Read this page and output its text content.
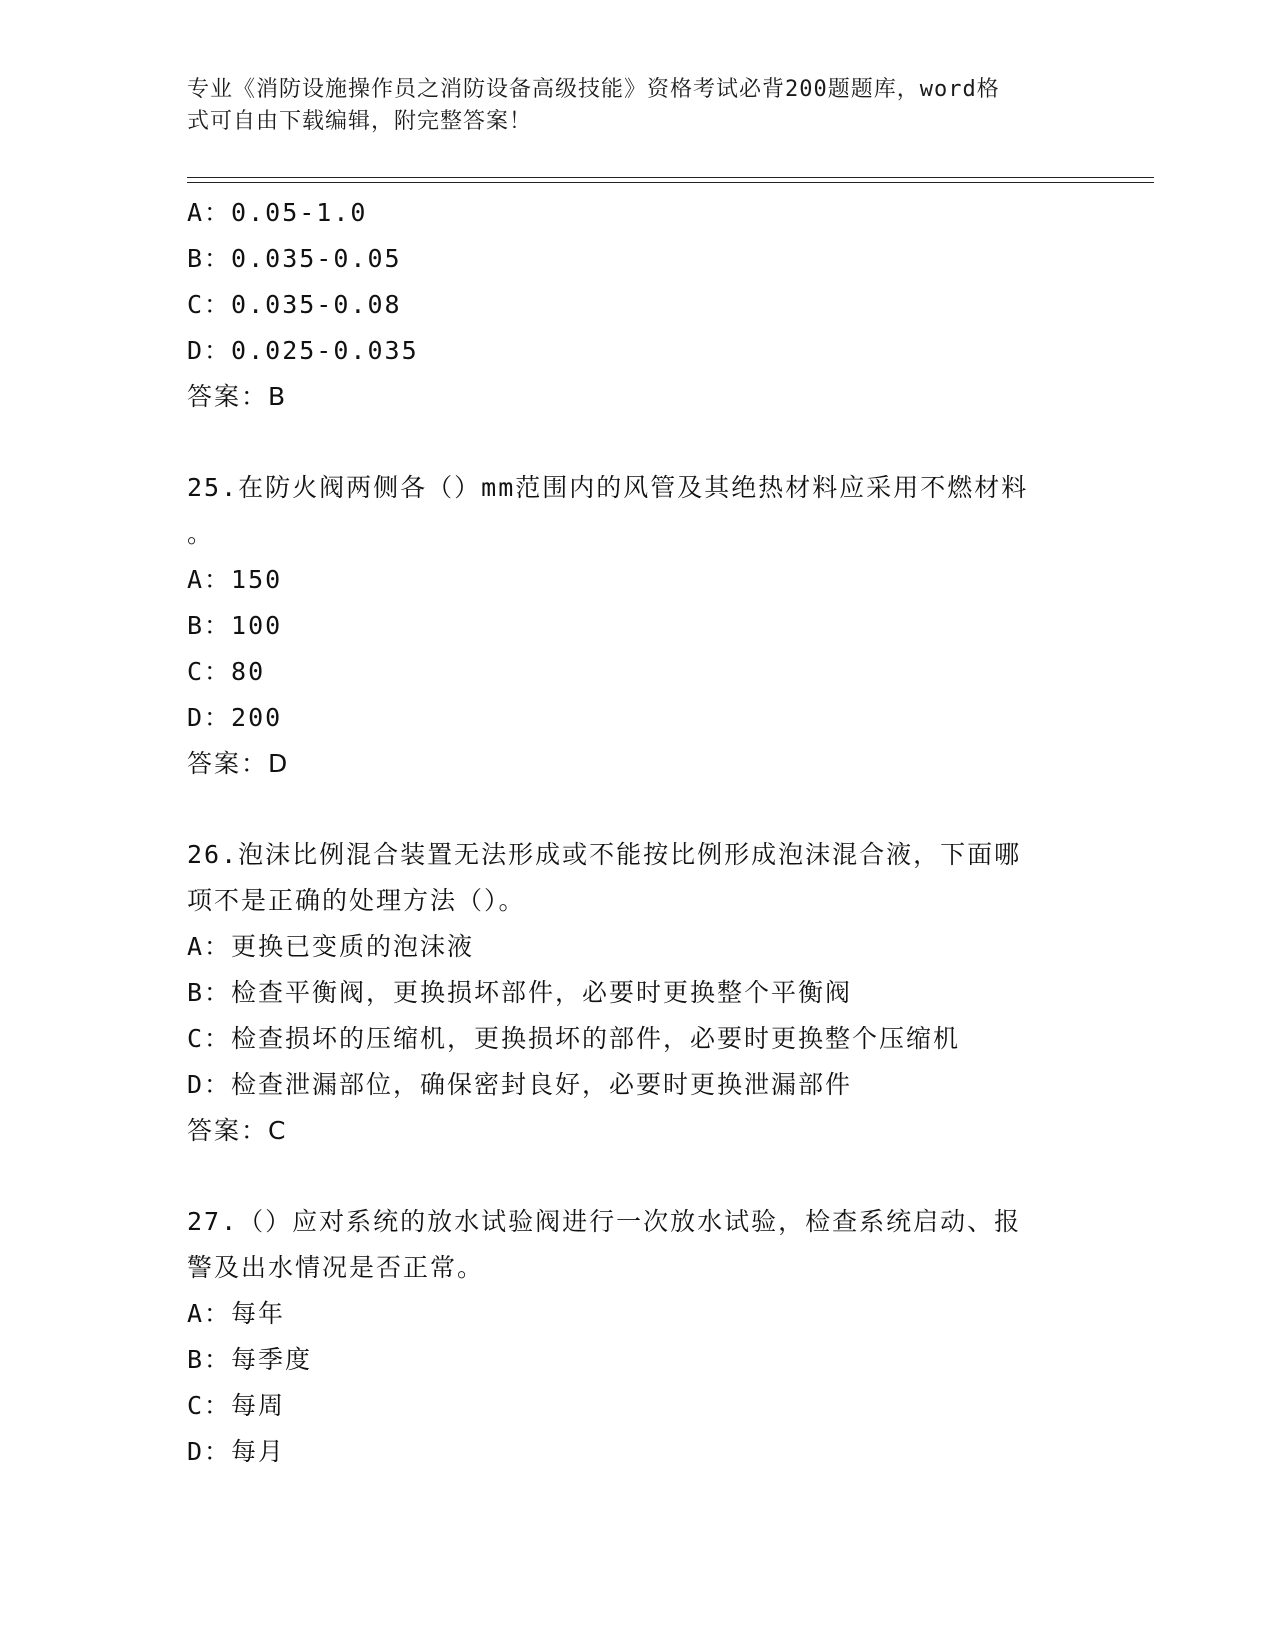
专业《消防设施操作员之消防设备高级技能》资格考试必背200题题库，word格
式可自由下载编辑，附完整答案！
A：0.05-1.0
B：0.035-0.05
C：0.035-0.08
D：0.025-0.035
答案：B
25.在防火阀两侧各（）mm范围内的风管及其绝热材料应采用不燃材料
。
A：150
B：100
C：80
D：200
答案：D
26.泡沫比例混合装置无法形成或不能按比例形成泡沫混合液，下面哪
项不是正确的处理方法（）。
A：更换已变质的泡沫液
B：检查平衡阀，更换损坏部件，必要时更换整个平衡阀
C：检查损坏的压缩机，更换损坏的部件，必要时更换整个压缩机
D：检查泄漏部位，确保密封良好，必要时更换泄漏部件
答案：C
27.（）应对系统的放水试验阀进行一次放水试验，检查系统启动、报
警及出水情况是否正常。
A：每年
B：每季度
C：每周
D：每月
